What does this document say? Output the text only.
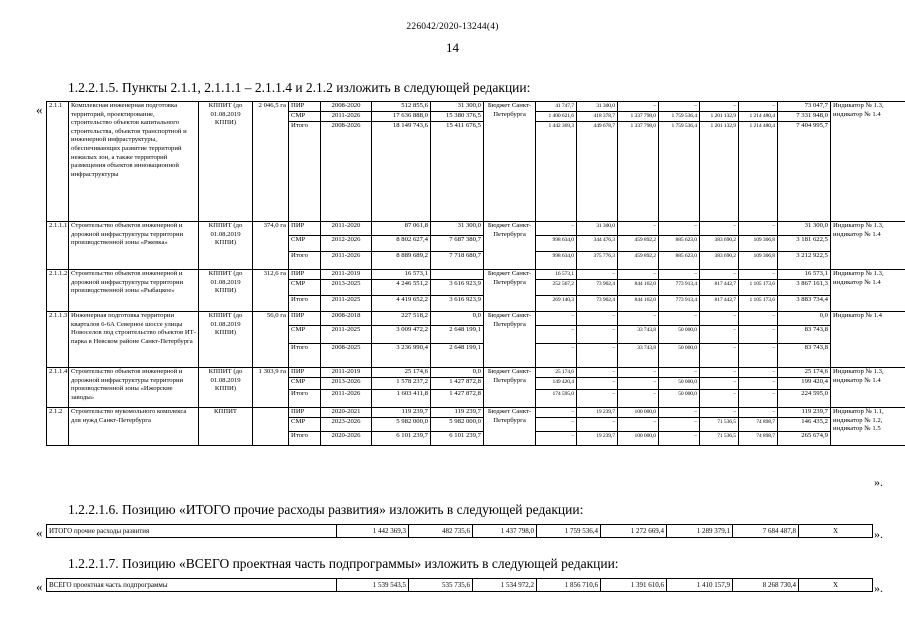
226042/2020-13244(4)
14
1.2.2.1.5. Пункты 2.1.1, 2.1.1.1 – 2.1.1.4 и 2.1.2 изложить в следующей редакции:
« 2.1.1	Комплексная инженерная подготовка территорий, проектирование, строительство объектов капитального строительства, объектов транспортной и инженерной инфраструктуры, обеспечивающих развитие территорий нежилых зон, а также территорий размещения объектов инновационной инфраструктуры	КППИТ (до 01.08.2019 КППИ)	2 046,5 га	ПИР	2008-2020	512 855,6	31 300,0	Бюджет Санкт-Петербурга	41 747,7	31 300,0	–	–	–	–	73 047,7	Индикатор № 1.3, индикатор № 1.4
				СМР	2011-2026	17 636 888,0	15 380 376,5		1 400 621,6	418 378,7	1 337 798,0	1 759 536,4	1 201 132,9	1 214 480,4	7 331 948,0	
				Итого	2008-2026	18 149 743,6	15 411 676,5		1 442 369,3	449 678,7	1 337 798,0	1 759 536,4	1 201 132,9	1 214 480,4	7 404 995,7	
2.1.1.1	Строительство объектов инженерной и дорожной инфраструктуры территории производственной зоны «Ржевка»	КППИТ (до 01.08.2019 КППИ)	374,0 га	ПИР	2011-2020	87 061,8	31 300,0	Бюджет Санкт-Петербурга	–	31 300,0	–	–	–	–	31 300,0	Индикатор № 1.3, индикатор № 1.4
				СМР	2012-2026	8 802 627,4	7 687 380,7		998 634,0	344 476,3	459 892,2	885 623,0	383 690,2	109 306,8	3 181 622,5	
				Итого	2011-2026	8 889 689,2	7 718 680,7		998 634,0	375 776,3	459 892,2	885 623,0	383 690,2	109 306,8	3 212 922,5	
2.1.1.2	Строительство объектов инженерной и дорожной инфраструктуры территории производственной зоны «Рыбацкое»	КППИТ (до 01.08.2019 КППИ)	312,6 га	ПИР	2011-2019	16 573,1		Бюджет Санкт-Петербурга	16 573,1	–	–	–	–	–	16 573,1	Индикатор № 1.3, индикатор № 1.4
				СМР	2013-2025	4 246 551,2	3 616 923,9		252 567,2	73 902,4	844 162,0	773 913,4	817 442,7	1 105 173,6	3 867 161,3	
				Итого	2011-2025	4 419 652,2	3 616 923,9		269 140,3	73 902,4	844 162,0	773 913,4	817 442,7	1 105 173,6	3 883 734,4	
2.1.1.3	Инженерная подготовка территории кварталов 6-6А Северное шоссе улицы Новоселов под строительство объектов ИТ-парка в Невском районе Санкт-Петербурга	КППИТ (до 01.08.2019 КППИ)	56,0 га	ПИР	2008-2018	227 518,2	0,0	Бюджет Санкт-Петербурга	–	–	–	–	–	–	0,0	Индикатор № 1.4
				СМР	2011-2025	3 009 472,2	2 648 199,1		–	–	33 743,8	50 000,0	–	–	83 743,8	
				Итого	2008-2025	3 236 990,4	2 648 199,1		–	–	33 743,8	50 000,0	–	–	83 743,8	
2.1.1.4	Строительство объектов инженерной и дорожной инфраструктуры территории производственной зоны «Ижорские заводы»	КППИТ (до 01.08.2019 КППИ)	1 303,9 га	ПИР	2011-2019	25 174,6	0,0	Бюджет Санкт-Петербурга	25 174,6	–	–	–	–	–	25 174,6	Индикатор № 1.3, индикатор № 1.4
				СМР	2013-2026	1 578 237,2	1 427 872,8		149 420,4	–	–	50 000,0	–	–	199 420,4	
				Итого	2011-2026	1 603 411,8	1 427 872,8		174 595,0	–	–	50 000,0	–	–	224 595,0	
2.1.2	Строительство мукомольного комплекса для нужд Санкт-Петербурга	КППИТ		ПИР	2020-2021	119 239,7	119 239,7	Бюджет Санкт-Петербурга	–	19 239,7	100 000,0	–	–	–	119 239,7	Индикатор № 1.1, индикатор № 1.2, индикатор № 1.5
				СМР	2023-2026	5 982 000,0	5 982 000,0		–	–	–	–	71 536,5	74 898,7	146 435,2	
				Итого	2020-2026	6 101 239,7	6 101 239,7		–	19 239,7	100 000,0	–	71 536,5	74 898,7	265 674,9	
».
1.2.2.1.6. Позицию «ИТОГО прочие расходы развития» изложить в следующей редакции:
« ИТОГО прочие расходы развития	1 442 369,3	482 735,6	1 437 798,0	1 759 536,4	1 272 669,4	1 289 379,1	7 684 487,8	X	».
1.2.2.1.7. Позицию «ВСЕГО проектная часть подпрограммы» изложить в следующей редакции:
« ВСЕГО проектная часть подпрограммы	1 539 543,5	535 735,6	1 534 972,2	1 856 710,6	1 391 610,6	1 410 157,9	8 268 730,4	X	».
